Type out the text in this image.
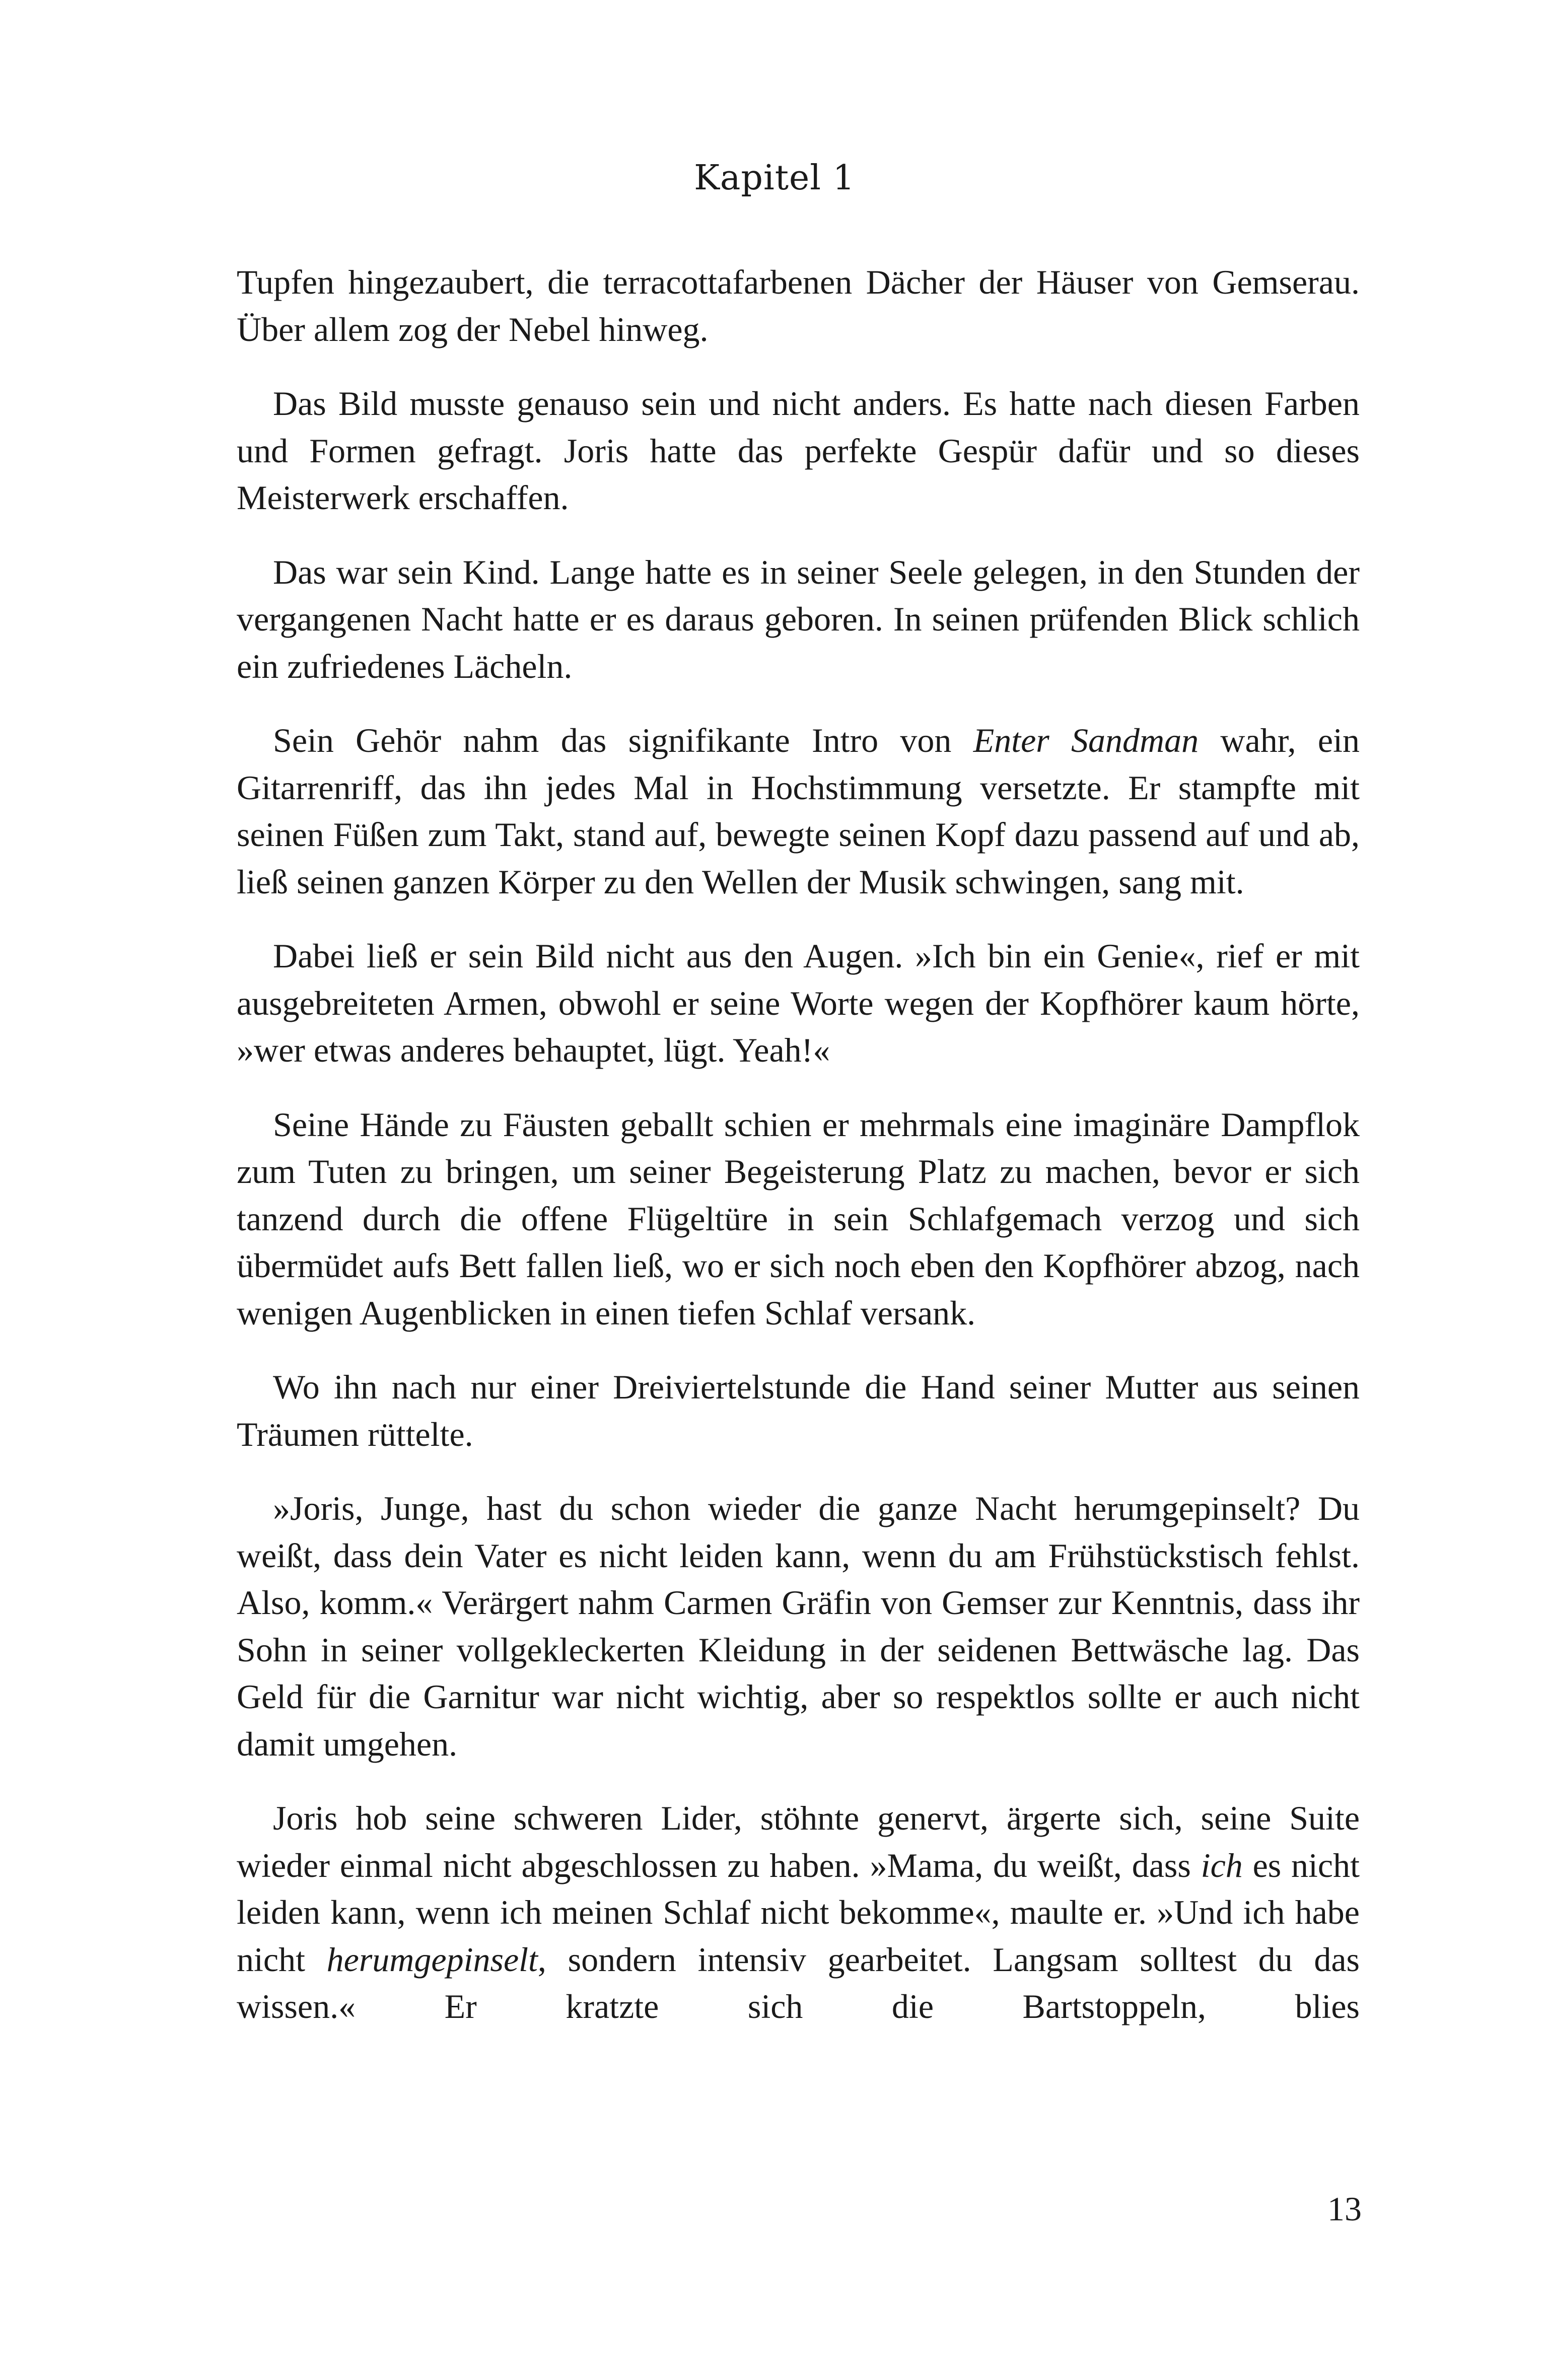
Kapitel 1

Tupfen hingezaubert, die terracottafarbenen Dächer der Häuser von Gemserau. Über allem zog der Nebel hinweg.

Das Bild musste genauso sein und nicht anders. Es hatte nach diesen Farben und Formen gefragt. Joris hatte das perfekte Gespür dafür und so dieses Meisterwerk erschaffen.

Das war sein Kind. Lange hatte es in seiner Seele gelegen, in den Stunden der vergangenen Nacht hatte er es daraus geboren. In seinen prüfenden Blick schlich ein zufriedenes Lächeln.

Sein Gehör nahm das signifikante Intro von Enter Sandman wahr, ein Gitarrenriff, das ihn jedes Mal in Hochstimmung versetzte. Er stampfte mit seinen Füßen zum Takt, stand auf, bewegte seinen Kopf dazu passend auf und ab, ließ seinen ganzen Körper zu den Wellen der Musik schwingen, sang mit.

Dabei ließ er sein Bild nicht aus den Augen. »Ich bin ein Genie«, rief er mit ausgebreiteten Armen, obwohl er seine Worte wegen der Kopfhörer kaum hörte, »wer etwas anderes behauptet, lügt. Yeah!«

Seine Hände zu Fäusten geballt schien er mehrmals eine imaginäre Dampflok zum Tuten zu bringen, um seiner Begeisterung Platz zu machen, bevor er sich tanzend durch die offene Flügeltüre in sein Schlafgemach verzog und sich übermüdet aufs Bett fallen ließ, wo er sich noch eben den Kopfhörer abzog, nach wenigen Augenblicken in einen tiefen Schlaf versank.

Wo ihn nach nur einer Dreiviertelstunde die Hand seiner Mutter aus seinen Träumen rüttelte.

»Joris, Junge, hast du schon wieder die ganze Nacht herumgepinselt? Du weißt, dass dein Vater es nicht leiden kann, wenn du am Frühstückstisch fehlst. Also, komm.« Verärgert nahm Carmen Gräfin von Gemser zur Kenntnis, dass ihr Sohn in seiner vollgekleckerten Kleidung in der seidenen Bettwäsche lag. Das Geld für die Garnitur war nicht wichtig, aber so respektlos sollte er auch nicht damit umgehen.

Joris hob seine schweren Lider, stöhnte genervt, ärgerte sich, seine Suite wieder einmal nicht abgeschlossen zu haben. »Mama, du weißt, dass ich es nicht leiden kann, wenn ich meinen Schlaf nicht bekomme«, maulte er. »Und ich habe nicht herumgepinselt, sondern intensiv gearbeitet. Langsam solltest du das wissen.« Er kratzte sich die Bartstoppeln, blies

13
